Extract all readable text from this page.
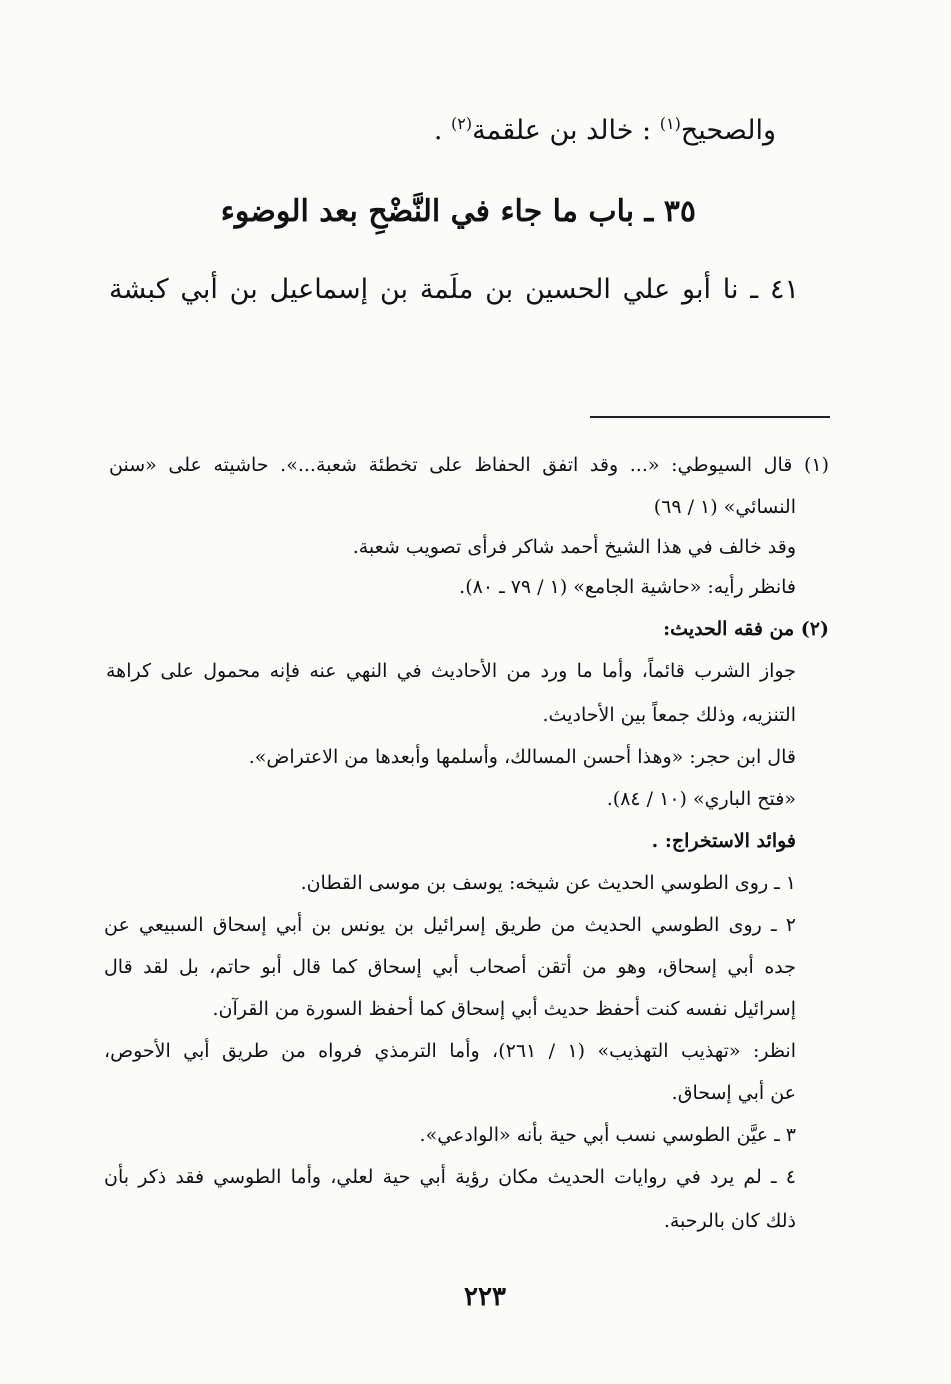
والصحيح$^{(١)}$ : خالد بن علقمة$^{(٢)}$ .
٣٥ ـ باب ما جاء في النَّضْحِ بعد الوضوء
٤١ ـ نا أبو علي الحسين بن ملَمة بن إسماعيل بن أبي كبشة
(١) قال السيوطي: «... وقد اتفق الحفاظ على تخطئة شعبة...». حاشيته على «سنن
النسائي» (١ / ٦٩)
وقد خالف في هذا الشيخ أحمد شاكر فرأى تصويب شعبة.
فانظر رأيه: «حاشية الجامع» (١ / ٧٩ ـ ٨٠).
(٢) من فقه الحديث:
جواز الشرب قائماً، وأما ما ورد من الأحاديث في النهي عنه فإنه محمول على كراهة
التنزيه، وذلك جمعاً بين الأحاديث.
قال ابن حجر: «وهذا أحسن المسالك، وأسلمها وأبعدها من الاعتراض».
«فتح الباري» (١٠ / ٨٤).
فوائد الاستخراج: .
١ ـ روى الطوسي الحديث عن شيخه: يوسف بن موسى القطان.
٢ ـ روى الطوسي الحديث من طريق إسرائيل بن يونس بن أبي إسحاق السبيعي عن
جده أبي إسحاق، وهو من أتقن أصحاب أبي إسحاق كما قال أبو حاتم، بل لقد قال
إسرائيل نفسه كنت أحفظ حديث أبي إسحاق كما أحفظ السورة من القرآن.
انظر: «تهذيب التهذيب» (١ / ٢٦١)، وأما الترمذي فرواه من طريق أبي الأحوص،
عن أبي إسحاق.
٣ ـ عيَّن الطوسي نسب أبي حية بأنه «الوادعي».
٤ ـ لم يرد في روايات الحديث مكان رؤية أبي حية لعلي، وأما الطوسي فقد ذكر بأن
ذلك كان بالرحبة.
٢٢٣
